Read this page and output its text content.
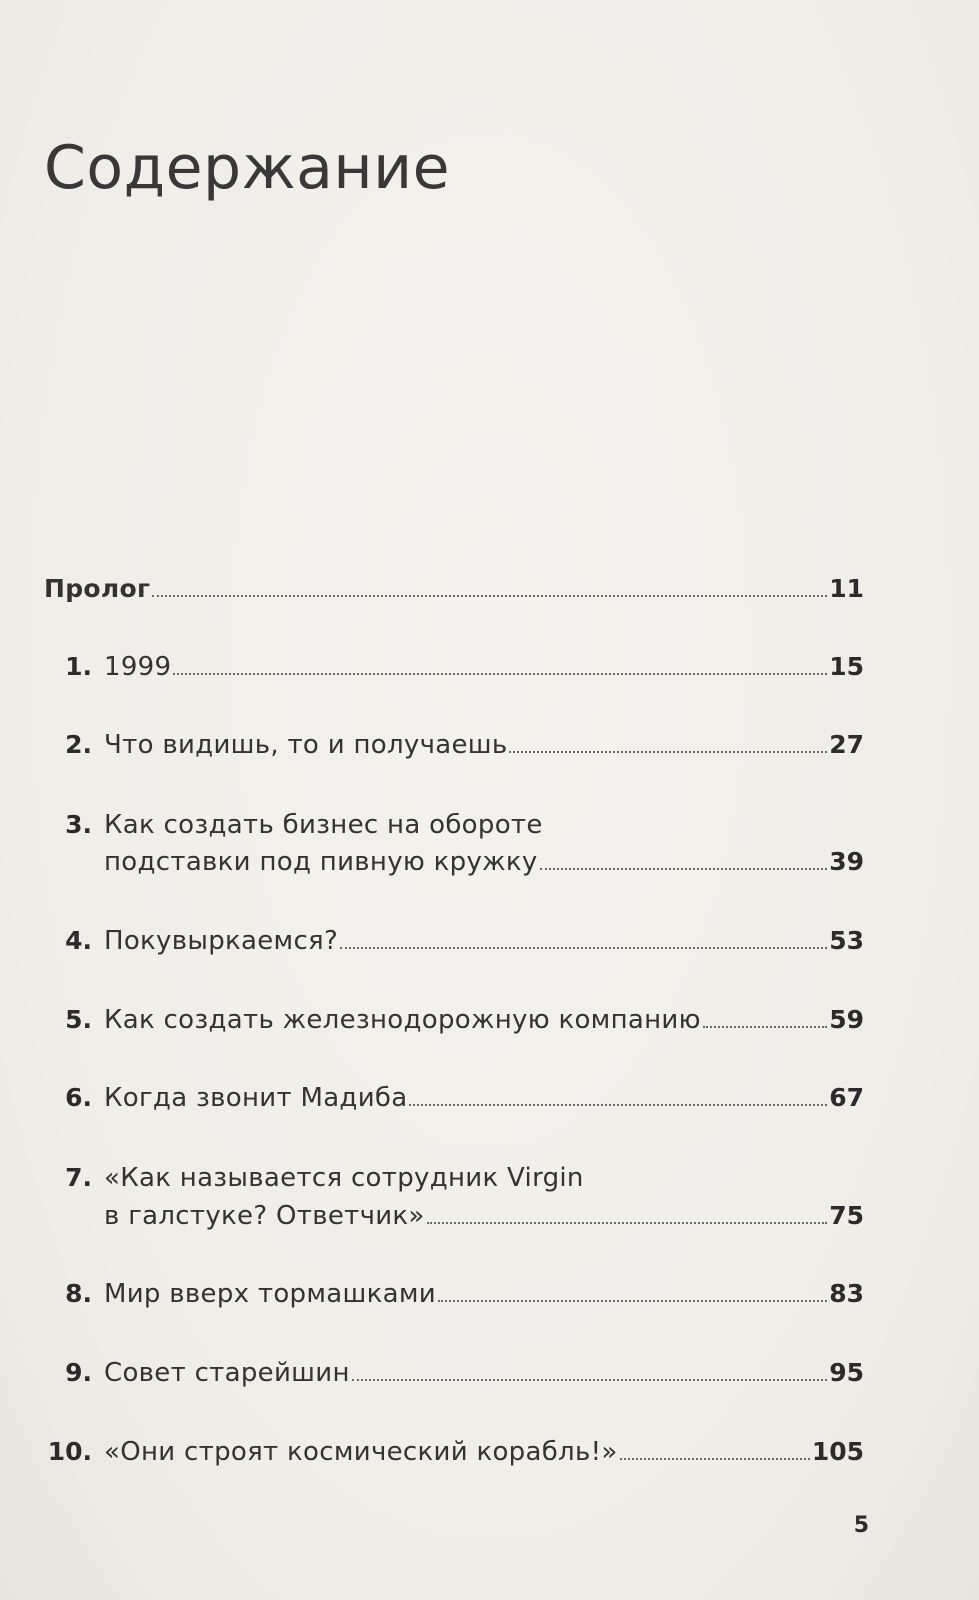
Содержание
Пролог	11
1. 1999	15
2. Что видишь, то и получаешь	27
3. Как создать бизнес на обороте
подставки под пивную кружку	39
4. Покувыркаемся?	53
5. Как создать железнодорожную компанию	59
6. Когда звонит Мадиба	67
7. «Как называется сотрудник Virgin
в галстуке? Ответчик»	75
8. Мир вверх тормашками	83
9. Совет старейшин	95
10. «Они строят космический корабль!»	105
5
